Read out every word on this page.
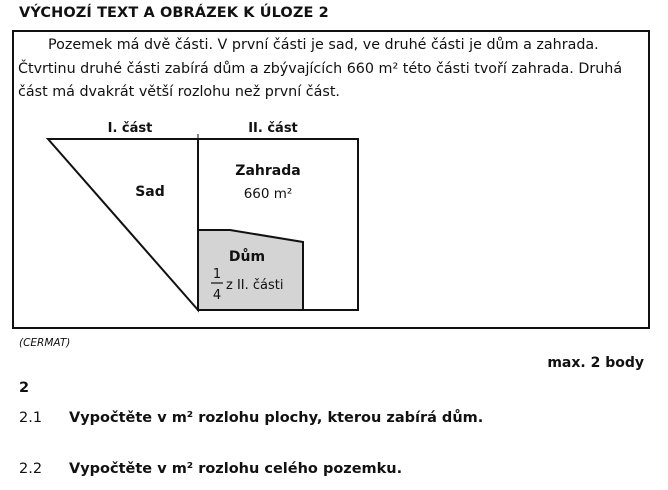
VÝCHOZÍ TEXT A OBRÁZEK K ÚLOZE 2

Pozemek má dvě části. V první části je sad, ve druhé části je dům a zahrada.

Čtvrtinu druhé části zabírá dům a zbývajících 660 m² této části tvoří zahrada. Druhá část má dvakrát větší rozlohu než první část.

I. část	II. část
Sad
Zahrada
660 m²
Dům
1
4
z II. části
(CERMAT)
max. 2 body
2
2.1 Vypočtěte v m² rozlohu plochy, kterou zabírá dům.
2.2 Vypočtěte v m² rozlohu celého pozemku.
